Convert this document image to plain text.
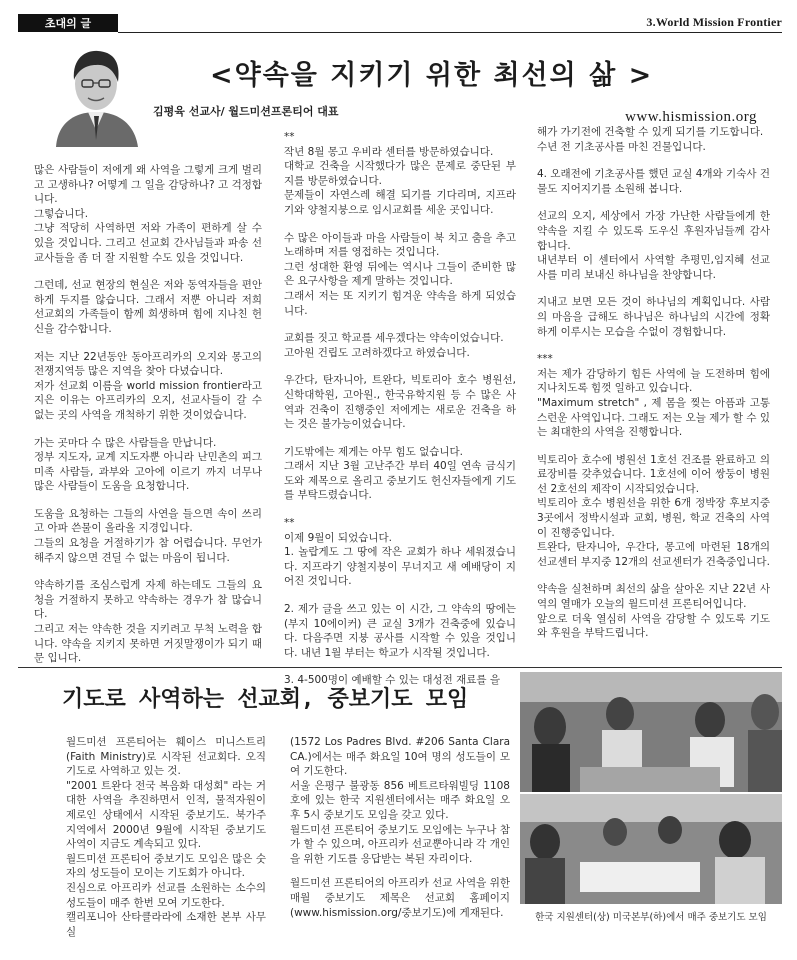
초대의 글	3.World Mission Frontier
<약속을 지키기 위한 최선의 삶 >
김평육 선교사/ 월드미션프론티어 대표	www.hismission.org

많은 사람들이 저에게 왜 사역을 그렇게 크게 벌리고 고생하나? 어떻게 그 일을 감당하나? 고 걱정합니다.
그렇습니다.
그냥 적당히 사역하면 저와 가족이 편하게 살 수 있을 것입니다. 그리고 선교회 간사님들과 파송 선교사들을 좀 더 잘 지원할 수도 있을 것입니다.

그런데, 선교 현장의 현실은 저와 동역자들을 편안하게 두지를 않습니다. 그래서 저뿐 아니라 저희 선교회의 가족들이 함께 희생하며 힘에 지나친 헌신을 감수합니다.

저는 지난 22년동안 동아프리카의 오지와 몽고의 전쟁지역등 많은 지역을 찾아 다녔습니다.
저가 선교회 이름을 world mission frontier라고 지은 이유는 아프리카의 오지, 선교사들이 갈 수 없는 곳의 사역을 개척하기 위한 것이었습니다.

가는 곳마다 수 많은 사람들을 만납니다.
정부 지도자, 교계 지도자뿐 아니라 난민촌의 피그미족 사람들, 과부와 고아에 이르기 까지 너무나 많은 사람들이 도움을 요청합니다.

도움을 요청하는 그들의 사연을 들으면 속이 쓰리고 아파 쓴물이 올라올 지경입니다.
그들의 요청을 거절하기가 참 어렵습니다. 무언가 해주지 않으면 견딜 수 없는 마음이 됩니다.

약속하기를 조심스럽게 자제 하는데도 그들의 요청을 거절하지 못하고 약속하는 경우가 참 많습니다.
그리고 저는 약속한 것을 지키려고 무척 노력을 합니다. 약속을 지키지 못하면 거짓말쟁이가 되기 때문 입니다.

**
작년 8월 몽고 우비라 센터를 방문하였습니다.
대학교 건축을 시작했다가 많은 문제로 중단된 부지를 방문하였습니다.
문제들이 자연스레 해결 되기를 기다리며, 지프라기와 양철지붕으로 임시교회를 세운 곳입니다.

수 많은 아이들과 마을 사람들이 북 치고 춤을 추고 노래하며 저를 영접하는 것입니다.
그런 성대한 환영 뒤에는 역시나 그들이 준비한 많은 요구사항을 제게 말하는 것입니다.
그래서 저는 또 지키기 힘겨운 약속을 하게 되었습니다.

교회를 짓고 학교를 세우겠다는 약속이었습니다.
고아원 건립도 고려하겠다고 하였습니다.

우간다, 탄자니아, 트완다, 빅토리아 호수 병원선, 신학대학원, 고아원., 한국유학지원 등 수 많은 사역과 건축이 진행중인 저에게는 새로운 건축을 하는 것은 불가능이었습니다.

기도밖에는 제게는 아무 힘도 없습니다.
그래서 지난 3월 고난주간 부터 40일 연속 금식기도와 제목으로 올리고 중보기도 헌신자들에게 기도를 부탁드렸습니다.

**
이제 9월이 되었습니다.
1. 놀랍게도 그 땅에 작은 교회가 하나 세워졌습니다. 지프라기 양철지붕이 무너지고 새 예배당이 지어진 것입니다.

2. 제가 글을 쓰고 있는 이 시간, 그 약속의 땅에는 (부지 10에이커) 큰 교실 3개가 건축중에 있습니다. 다음주면 지붕 공사를 시작할 수 있을 것입니다. 내년 1월 부터는 학교가 시작될 것입니다.

3. 4-500명이 예배할 수 있는 대성전 재료를 을

해가 가기전에 건축할 수 있게 되기를 기도합니다.
수년 전 기초공사를 마친 건물입니다.

4. 오래전에 기초공사를 했던 교실 4개와 기숙사 건물도 지어지기를 소원해 봅니다.

선교의 오지, 세상에서 가장 가난한 사람들에게 한 약속을 지킬 수 있도록 도우신 후원자님들께 감사합니다.
내년부터 이 센터에서 사역할 추평민,임지혜 선교사를 미리 보내신 하나님을 찬양합니다.

지내고 보면 모든 것이 하나님의 계획입니다. 사람의 마음을 급해도 하나님은 하나님의 시간에 정확하게 이루시는 모습을 수없이 경험합니다.

***
저는 제가 감당하기 힘든 사역에 늘 도전하며 힘에 지나치도록 힘껏 일하고 있습니다.
"Maximum stretch" , 제 몸을 찢는 아픔과 고통스런운 사역입니다. 그래도 저는 오늘 제가 할 수 있는 최대한의 사역을 진행합니다.

빅토리아 호수에 병원선 1호선 건조를 완료하고 의료장비를 갖추었습니다. 1호선에 이어 쌍둥이 병원선 2호선의 제작이 시작되었습니다.
빅토리아 호수 병원선을 위한 6개 정박장 후보지중 3곳에서 정박시설과 교회, 병원, 학교 건축의 사역이 진행중입니다.
트완다, 탄자니아, 우간다, 몽고에 마련된 18개의 선교센터 부지중 12개의 선교센터가 건축중입니다.

약속을 실천하며 최선의 삶을 살아온 지난 22년 사역의 열매가 오늘의 월드미션 프론티어입니다.
앞으로 더욱 열심히 사역을 감당할 수 있도록 기도와 후원을 부탁드립니다.

기도로 사역하는 선교회, 중보기도 모임

월드미션 프론티어는 훼이스 미니스트리(Faith Ministry)로 시작된 선교회다. 오직 기도로 사역하고 있는 것.
"2001 트완다 전국 복음화 대성회" 라는 거대한 사역을 추진하면서 인적, 물적자원이 제로인 상태에서 시작된 중보기도. 북가주 지역에서 2000년 9월에 시작된 중보기도 사역이 지금도 계속되고 있다.
월드미션 프론티어 중보기도 모임은 많은 숫자의 성도들이 모이는 기도회가 아니다.
진심으로 아프리카 선교를 소원하는 소수의 성도들이 매주 한번 모여 기도한다.
캘리포니아 산타클라라에 소재한 본부 사무실

(1572 Los Padres Blvd. #206 Santa Clara CA.)에서는 매주 화요일 10여 명의 성도들이 모여 기도한다.
서울 은평구 불광동 856 베트르타워빌딩 1108호에 있는 한국 지원센터에서는 매주 화요일 오후 5시 중보기도 모임을 갖고 있다.
월드미션 프론티어 중보기도 모임에는 누구나 참가 할 수 있으며, 아프리카 선교뿐아니라 각 개인을 위한 기도를 응답받는 복된 자리이다.

월드미션 프론티어의 아프리카 선교 사역을 위한 매월 중보기도 제목은 선교회 홈페이지(www.hismission.org/중보기도)에 게재된다.	한국 지원센터(상) 미국본부(하)에서 매주 중보기도 모임
